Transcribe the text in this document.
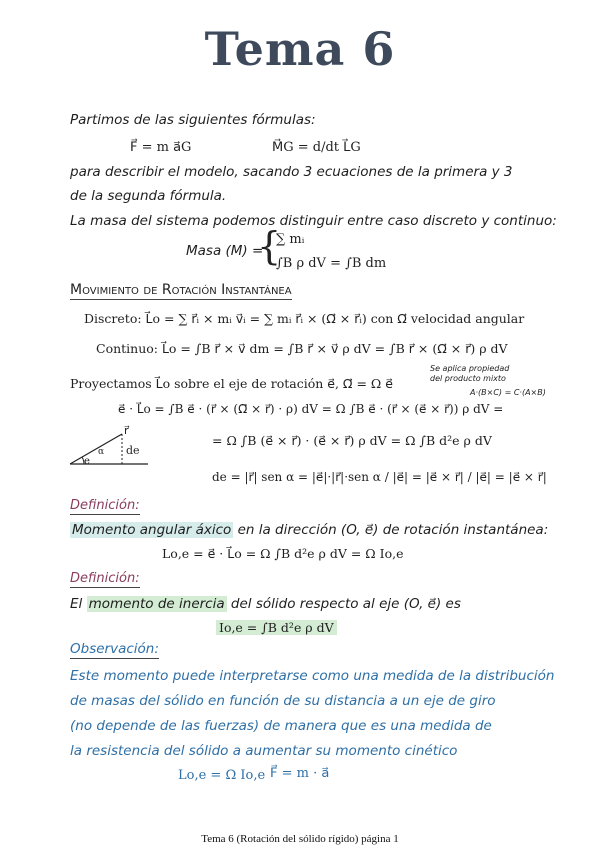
Tema 6
Partimos de las siguientes fórmulas:
F⃗ = m a⃗G	M⃗G = d/dt L⃗G
para describir el modelo, sacando 3 ecuaciones de la primera y 3
de la segunda fórmula.
La masa del sistema podemos distinguir entre caso discreto y continuo:
Masa (M) =
{
∑ mᵢ
∫B ρ dV = ∫B dm
Movimiento de Rotación Instantánea
Discreto: L⃗o = ∑ r⃗ᵢ × mᵢ v⃗ᵢ = ∑ mᵢ r⃗ᵢ × (Ω⃗ × r⃗ᵢ) con Ω⃗ velocidad angular
Continuo: L⃗o = ∫B r⃗ × v⃗ dm = ∫B r⃗ × v⃗ ρ dV = ∫B r⃗ × (Ω⃗ × r⃗) ρ dV
Proyectamos L⃗o sobre el eje de rotación e⃗, Ω⃗ = Ω e⃗
Se aplica propiedad
del producto mixto
A·(B×C) = C·(A×B)
e⃗ · L⃗o = ∫B e⃗ · (r⃗ × (Ω⃗ × r⃗) · ρ) dV = Ω ∫B e⃗ · (r⃗ × (e⃗ × r⃗)) ρ dV =
r⃗
de
e
α
= Ω ∫B (e⃗ × r⃗) · (e⃗ × r⃗) ρ dV = Ω ∫B d²e ρ dV
de = |r⃗| sen α = |e⃗|·|r⃗|·sen α / |e⃗| = |e⃗ × r⃗| / |e⃗| = |e⃗ × r⃗|
Definición:
Momento angular áxico en la dirección (O, e⃗) de rotación instantánea:
Lo,e = e⃗ · L⃗o = Ω ∫B d²e ρ dV = Ω Io,e
Definición:
El momento de inercia del sólido respecto al eje (O, e⃗) es
Io,e = ∫B d²e ρ dV
Observación:
Este momento puede interpretarse como una medida de la distribución
de masas del sólido en función de su distancia a un eje de giro
(no depende de las fuerzas) de manera que es una medida de
la resistencia del sólido a aumentar su momento cinético
Lo,e = Ω Io,e F⃗ = m · a⃗
Tema 6 (Rotación del sólido rígido) página 1
